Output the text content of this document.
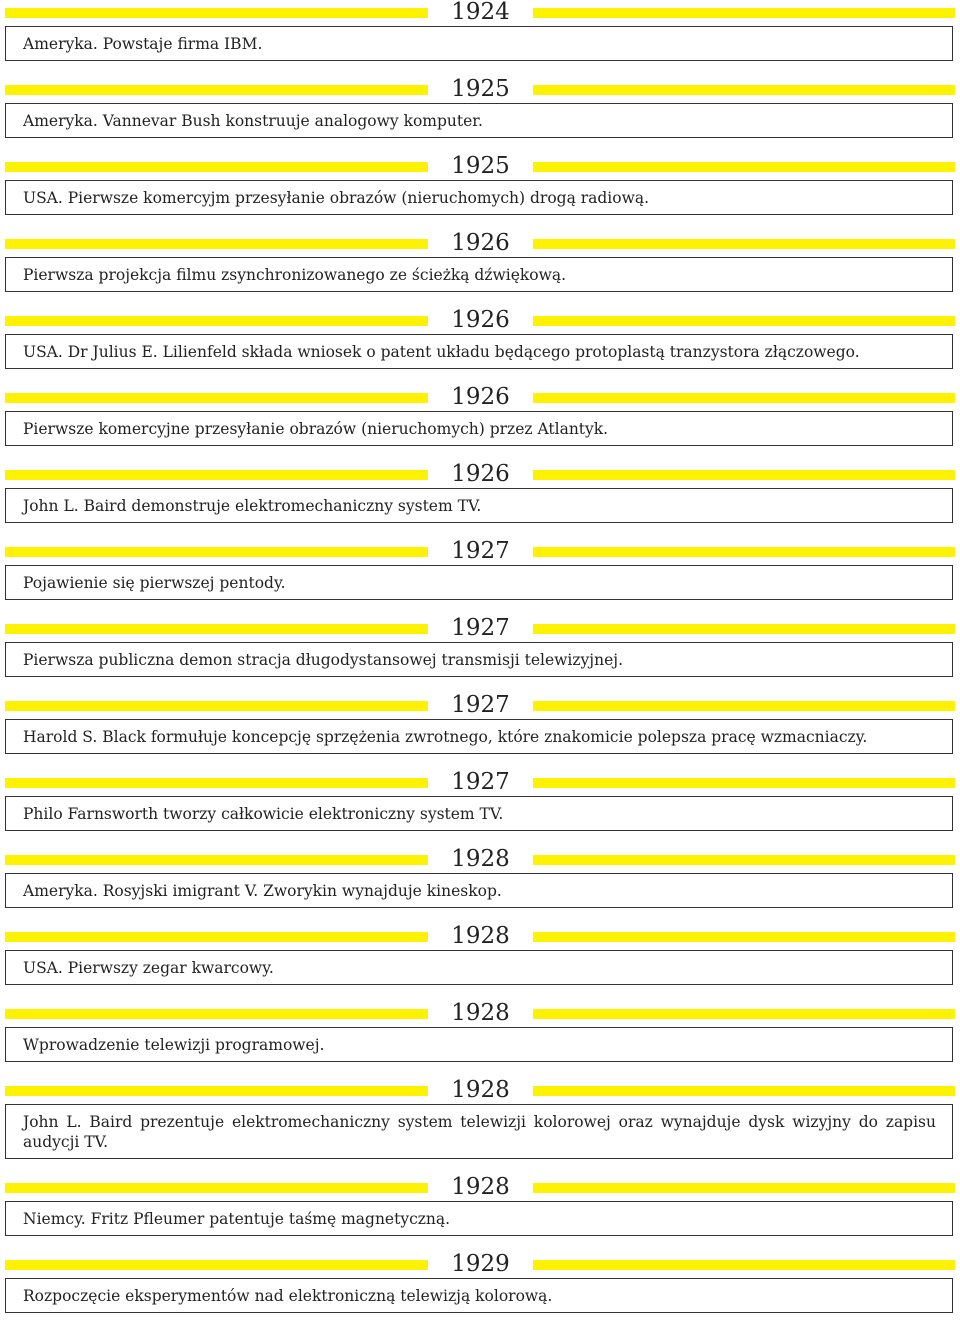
1924
Ameryka. Powstaje firma IBM.
1925
Ameryka. Vannevar Bush konstruuje analogowy komputer.
1925
USA. Pierwsze komercyjm przesyłanie obrazów (nieruchomych) drogą radiową.
1926
Pierwsza projekcja filmu zsynchronizowanego ze ścieżką dźwiękową.
1926
USA. Dr Julius E. Lilienfeld składa wniosek o patent układu będącego protoplastą tranzystora złączowego.
1926
Pierwsze komercyjne przesyłanie obrazów (nieruchomych) przez Atlantyk.
1926
John L. Baird demonstruje elektromechaniczny system TV.
1927
Pojawienie się pierwszej pentody.
1927
Pierwsza publiczna demon stracja długodystansowej transmisji telewizyjnej.
1927
Harold S. Black formułuje koncepcję sprzężenia zwrotnego, które znakomicie polepsza pracę wzmacniaczy.
1927
Philo Farnsworth tworzy całkowicie elektroniczny system TV.
1928
Ameryka. Rosyjski imigrant V. Zworykin wynajduje kineskop.
1928
USA. Pierwszy zegar kwarcowy.
1928
Wprowadzenie telewizji programowej.
1928
John L. Baird prezentuje elektromechaniczny system telewizji kolorowej oraz wynajduje dysk wizyjny do zapisu audycji TV.
1928
Niemcy. Fritz Pfleumer patentuje taśmę magnetyczną.
1929
Rozpoczęcie eksperymentów nad elektroniczną telewizją kolorową.
